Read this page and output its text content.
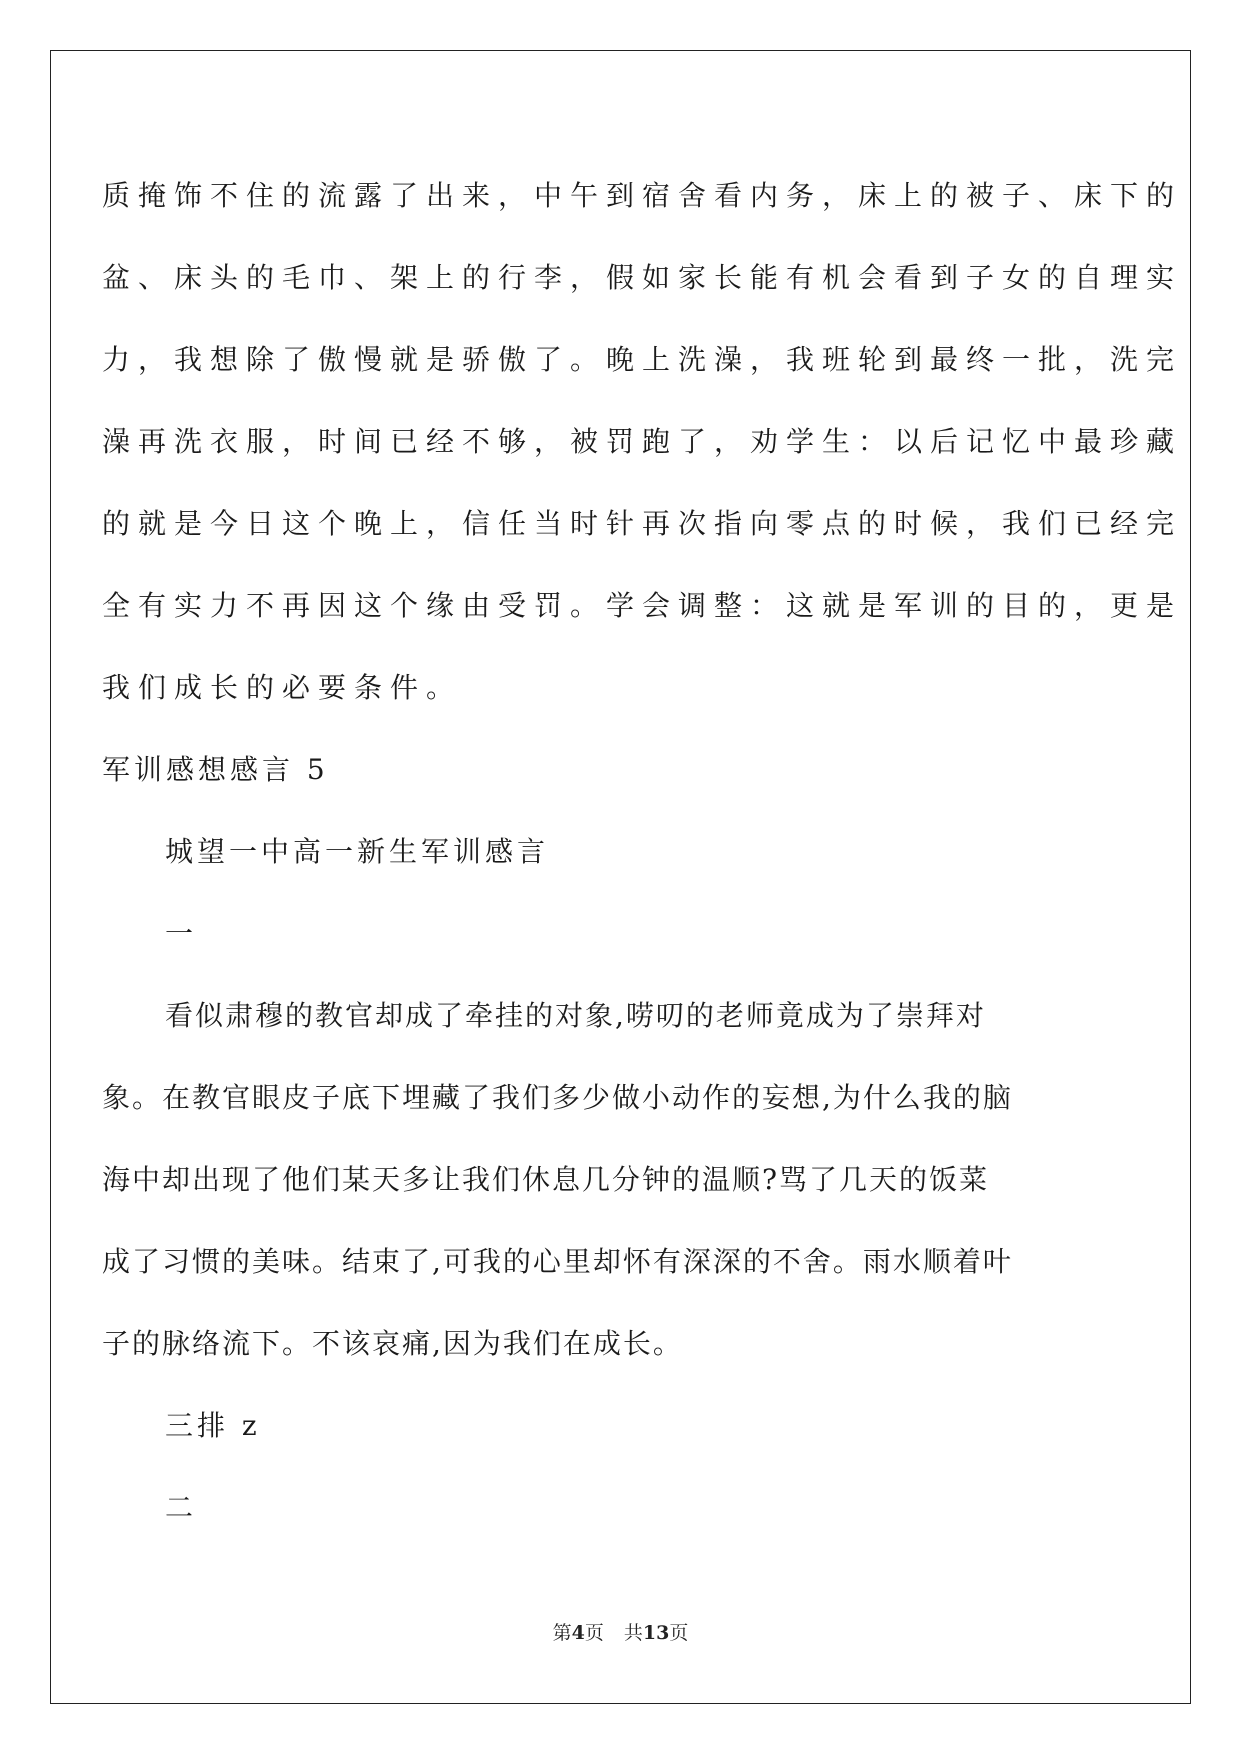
质掩饰不住的流露了出来，中午到宿舍看内务，床上的被子、床下的
盆、床头的毛巾、架上的行李，假如家长能有机会看到子女的自理实
力，我想除了傲慢就是骄傲了。晚上洗澡，我班轮到最终一批，洗完
澡再洗衣服，时间已经不够，被罚跑了，劝学生：以后记忆中最珍藏
的就是今日这个晚上，信任当时针再次指向零点的时候，我们已经完
全有实力不再因这个缘由受罚。学会调整：这就是军训的目的，更是
我们成长的必要条件。
军训感想感言 5
城望一中高一新生军训感言
一
看似肃穆的教官却成了牵挂的对象,唠叨的老师竟成为了崇拜对
象。在教官眼皮子底下埋藏了我们多少做小动作的妄想,为什么我的脑
海中却出现了他们某天多让我们休息几分钟的温顺?骂了几天的饭菜
成了习惯的美味。结束了,可我的心里却怀有深深的不舍。雨水顺着叶
子的脉络流下。不该哀痛,因为我们在成长。
三排 z
二
第4页 共13页
